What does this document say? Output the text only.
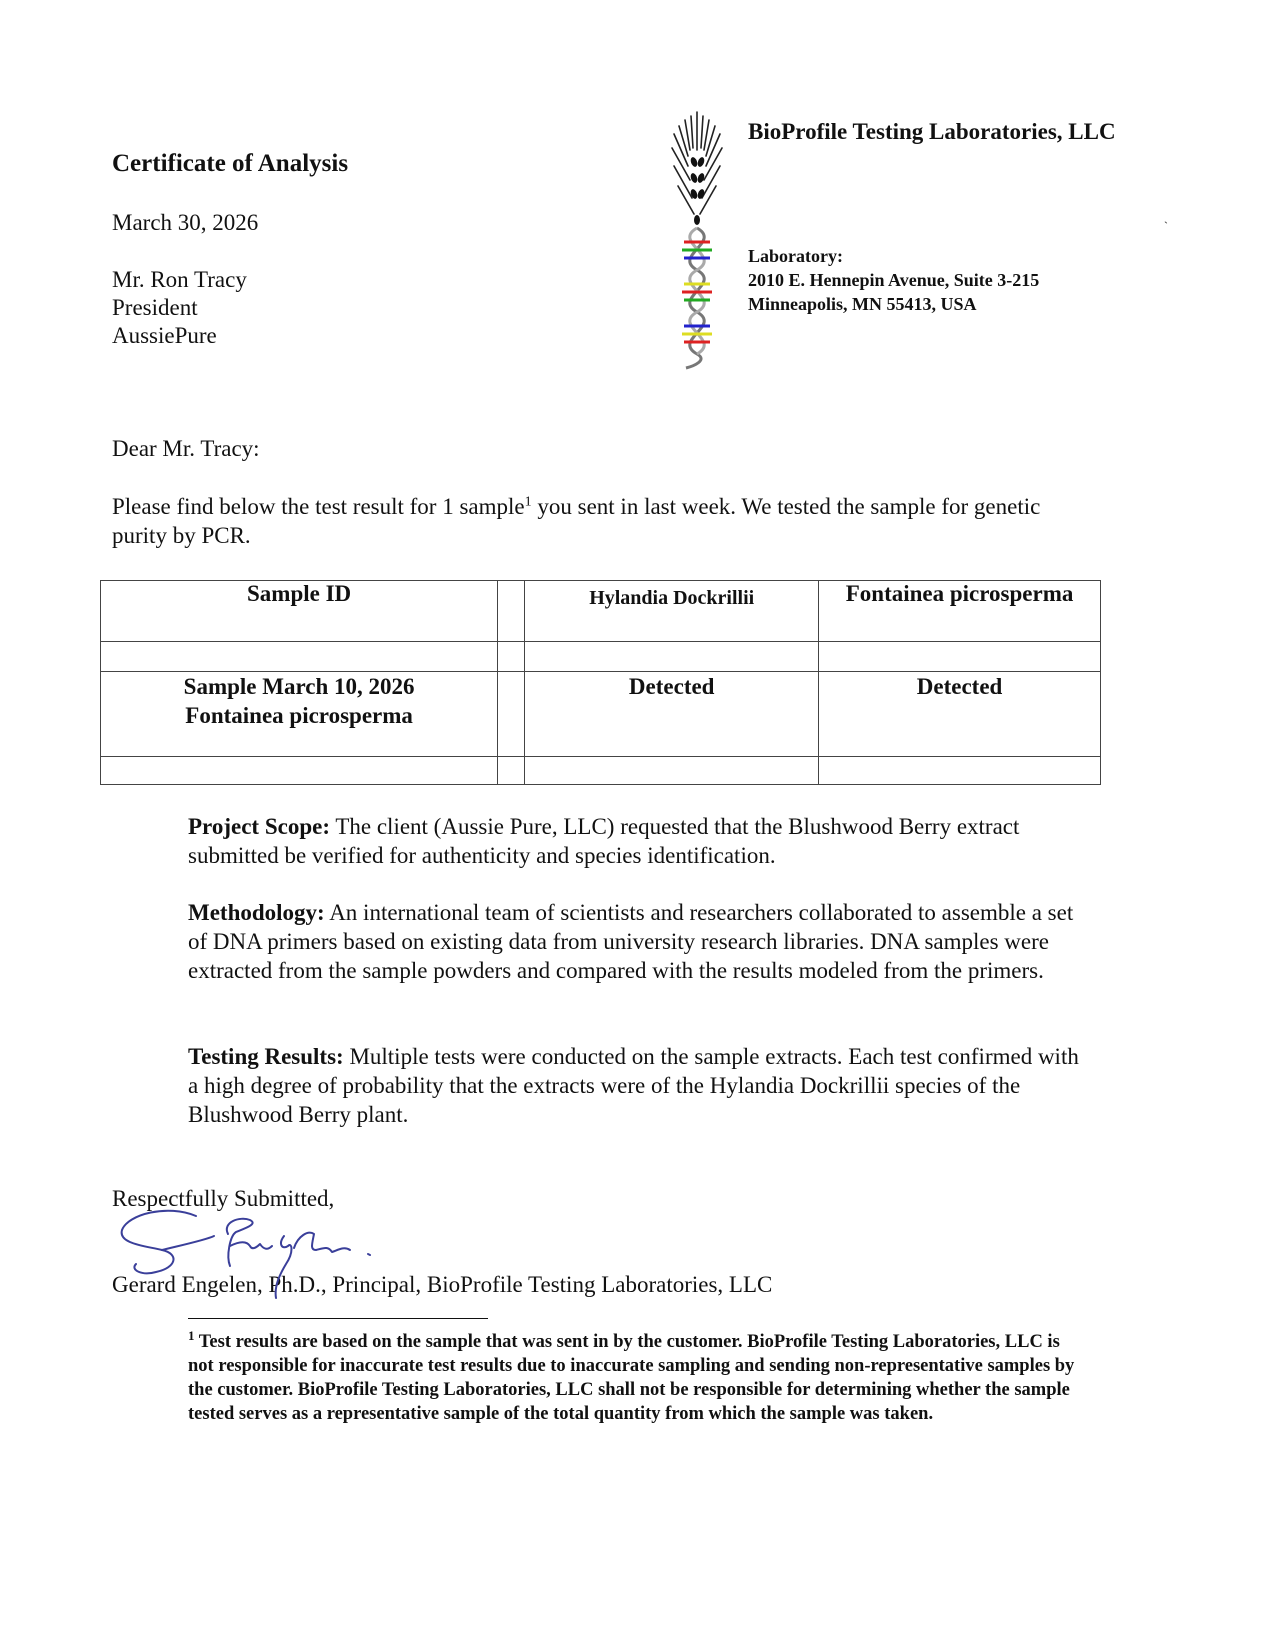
Certificate of Analysis
March 30, 2026
Mr. Ron Tracy
President
AussiePure
BioProfile Testing Laboratories, LLC
ˎ
Laboratory:
2010 E. Hennepin Avenue, Suite 3-215
Minneapolis, MN 55413, USA
Dear Mr. Tracy:
Please find below the test result for 1 sample$^1$ you sent in last week. We tested the sample for genetic purity by PCR.
Sample ID		Hylandia Dockrillii	Fontainea picrosperma

Sample March 10, 2026
Fontainea picrosperma		Detected	Detected

Project Scope: The client (Aussie Pure, LLC) requested that the Blushwood Berry extract submitted be verified for authenticity and species identification.
Methodology: An international team of scientists and researchers collaborated to assemble a set of DNA primers based on existing data from university research libraries. DNA samples were extracted from the sample powders and compared with the results modeled from the primers.
Testing Results: Multiple tests were conducted on the sample extracts. Each test confirmed with a high degree of probability that the extracts were of the Hylandia Dockrillii species of the Blushwood Berry plant.
Respectfully Submitted,
Gerard Engelen, Ph.D., Principal, BioProfile Testing Laboratories, LLC
$^1$ Test results are based on the sample that was sent in by the customer. BioProfile Testing Laboratories, LLC is not responsible for inaccurate test results due to inaccurate sampling and sending non-representative samples by the customer. BioProfile Testing Laboratories, LLC shall not be responsible for determining whether the sample tested serves as a representative sample of the total quantity from which the sample was taken.
